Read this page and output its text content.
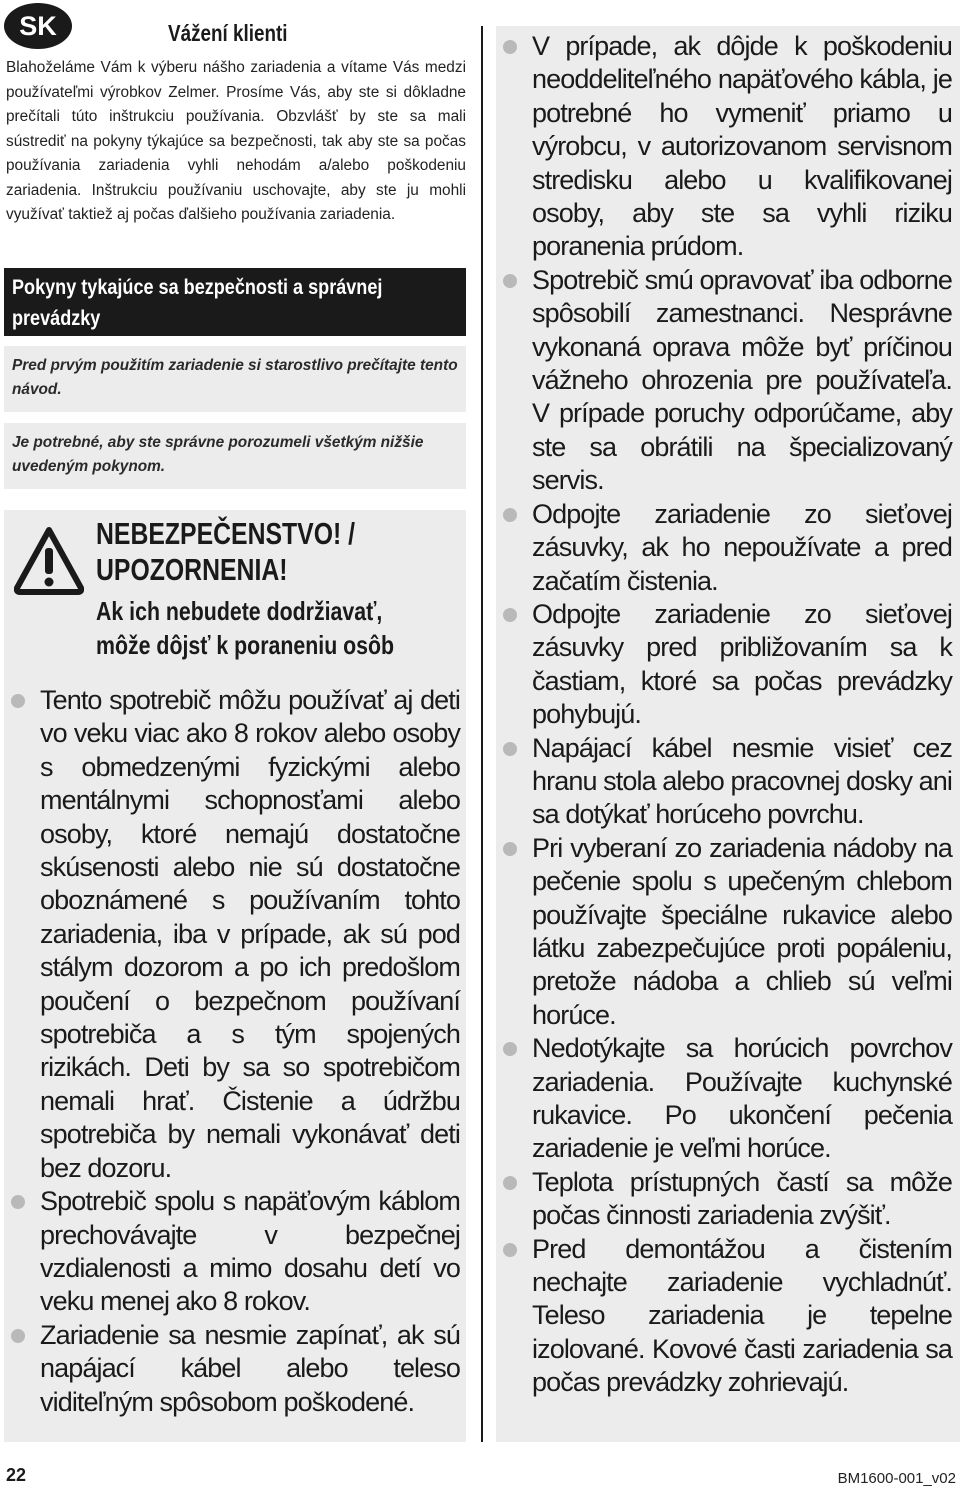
SK	Vážení klienti
Blahoželáme Vám k výberu nášho zariadenia a vítame Vás medzi používateľmi výrobkov Zelmer. Prosíme Vás, aby ste si dôkladne prečítali túto inštrukciu používania. Obzvlášť by ste sa mali sústrediť na pokyny týkajúce sa bezpečnosti, tak aby ste sa počas používania zariadenia vyhli nehodám a/alebo poškodeniu zariadenia. Inštrukciu používaniu uschovajte, aby ste ju mohli využívať taktiež aj počas ďalšieho používania zariadenia.
Pokyny tykajúce sa bezpečnosti a správnej prevádzky
Pred prvým použitím zariadenie si starostlivo prečítajte tento návod.
Je potrebné, aby ste správne porozumeli všetkým nižšie uvedeným pokynom.
NEBEZPEČENSTVO! / UPOZORNENIA!
Ak ich nebudete dodržiavať, môže dôjsť k poraneniu osôb
Tento spotrebič môžu používať aj deti vo veku viac ako 8 rokov alebo osoby s obmedzenými fyzickými alebo mentálnymi schopnosťami alebo osoby, ktoré nemajú dostatočne skúsenosti alebo nie sú dostatočne oboznámené s používaním tohto zariadenia, iba v prípade, ak sú pod stálym dozorom a po ich predošlom poučení o bezpečnom používaní spotrebiča a s tým spojených rizikách. Deti by sa so spotrebičom nemali hrať. Čistenie a údržbu spotrebiča by nemali vykonávať deti bez dozoru.
Spotrebič spolu s napäťovým káblom prechovávajte v bezpečnej vzdialenosti a mimo dosahu detí vo veku menej ako 8 rokov.
Zariadenie sa nesmie zapínať, ak sú napájací kábel alebo teleso viditeľným spôsobom poškodené.
V prípade, ak dôjde k poškodeniu neoddeliteľného napäťového kábla, je potrebné ho vymeniť priamo u výrobcu, v autorizovanom servisnom stredisku alebo u kvalifikovanej osoby, aby ste sa vyhli riziku poranenia prúdom.
Spotrebič smú opravovať iba odborne spôsobilí zamestnanci. Nesprávne vykonaná oprava môže byť príčinou vážneho ohrozenia pre používateľa. V prípade poruchy odporúčame, aby ste sa obrátili na špecializovaný servis.
Odpojte zariadenie zo sieťovej zásuvky, ak ho nepoužívate a pred začatím čistenia.
Odpojte zariadenie zo sieťovej zásuvky pred približovaním sa k častiam, ktoré sa počas prevádzky pohybujú.
Napájací kábel nesmie visieť cez hranu stola alebo pracovnej dosky ani sa dotýkať horúceho povrchu.
Pri vyberaní zo zariadenia nádoby na pečenie spolu s upečeným chlebom používajte špeciálne rukavice alebo látku zabezpečujúce proti popáleniu, pretože nádoba a chlieb sú veľmi horúce.
Nedotýkajte sa horúcich povrchov zariadenia. Používajte kuchynské rukavice. Po ukončení pečenia zariadenie je veľmi horúce.
Teplota prístupných častí sa môže počas činnosti zariadenia zvýšiť.
Pred demontážou a čistením nechajte zariadenie vychladnúť. Teleso zariadenia je tepelne izolované. Kovové časti zariadenia sa počas prevádzky zohrievajú.
22	BM1600-001_v02
